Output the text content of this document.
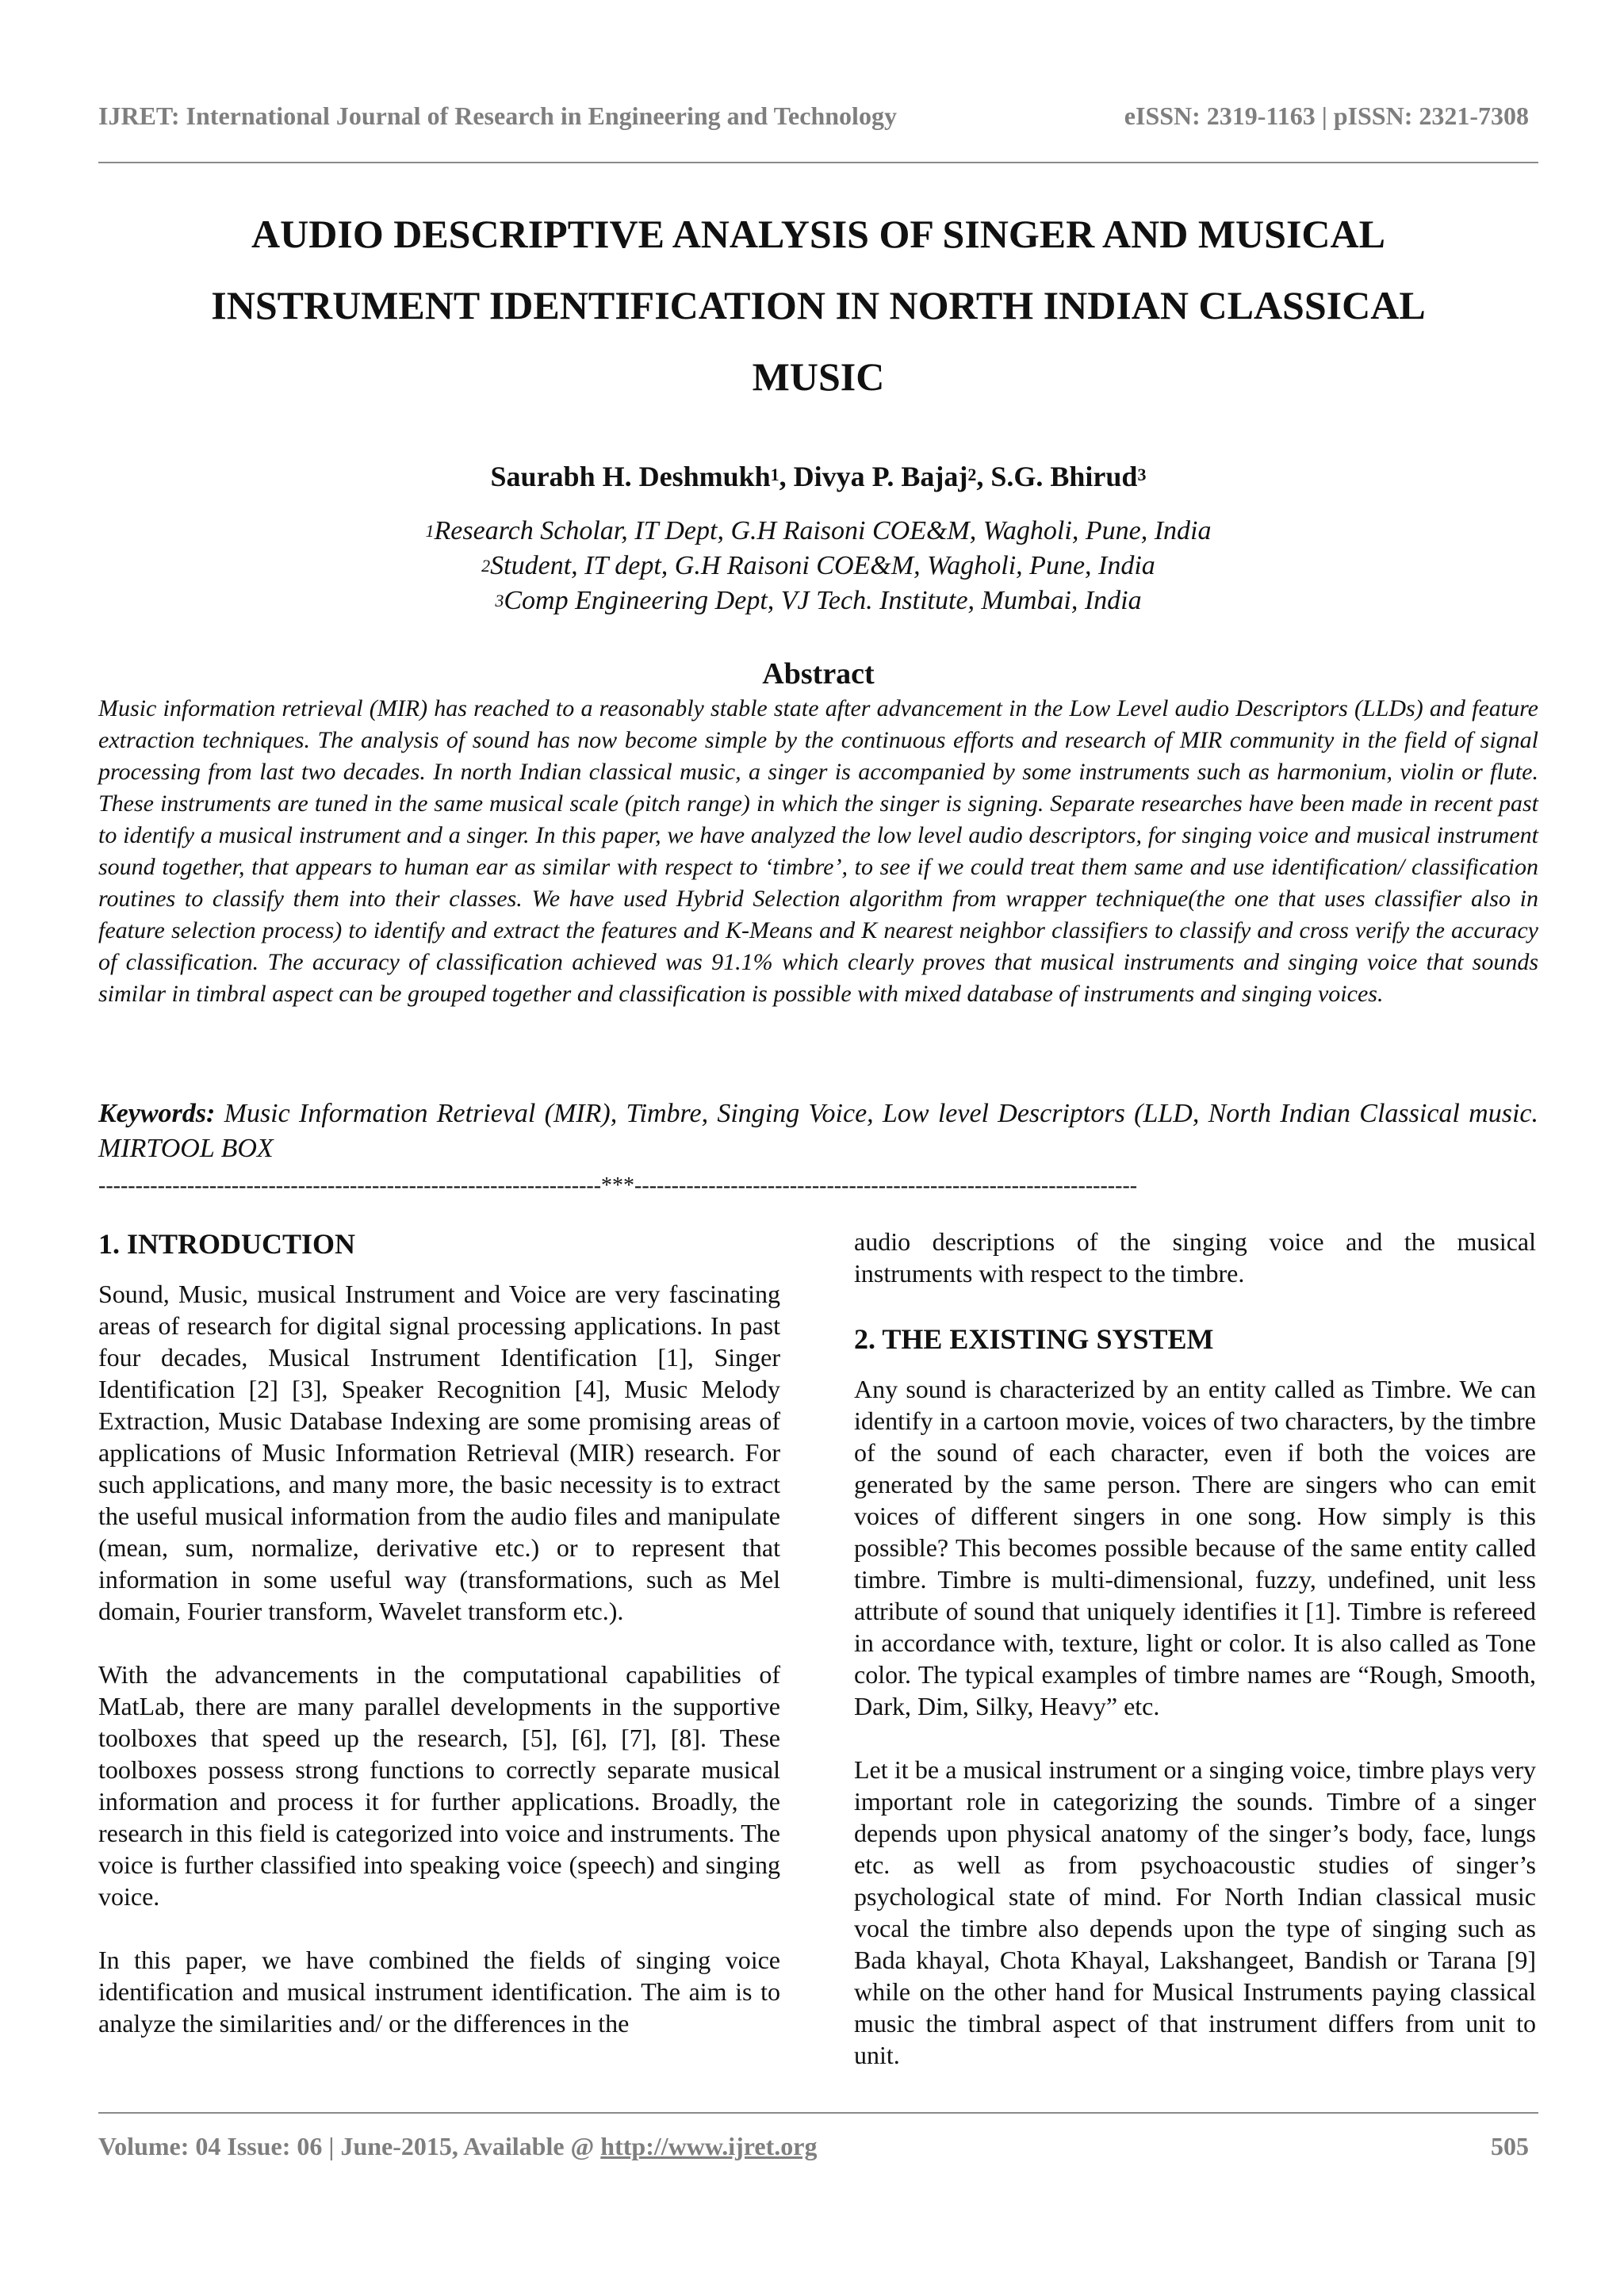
IJRET: International Journal of Research in Engineering and Technology	eISSN: 2319-1163 | pISSN: 2321-7308
AUDIO DESCRIPTIVE ANALYSIS OF SINGER AND MUSICAL
INSTRUMENT IDENTIFICATION IN NORTH INDIAN CLASSICAL
MUSIC
Saurabh H. Deshmukh$^1$, Divya P. Bajaj$^2$, S.G. Bhirud$^3$
$^1$Research Scholar, IT Dept, G.H Raisoni COE&M, Wagholi, Pune, India
$^2$Student, IT dept, G.H Raisoni COE&M, Wagholi, Pune, India
$^3$Comp Engineering Dept, VJ Tech. Institute, Mumbai, India
Abstract
Music information retrieval (MIR) has reached to a reasonably stable state after advancement in the Low Level audio Descriptors (LLDs) and feature extraction techniques. The analysis of sound has now become simple by the continuous efforts and research of MIR community in the field of signal processing from last two decades. In north Indian classical music, a singer is accompanied by some instruments such as harmonium, violin or flute. These instruments are tuned in the same musical scale (pitch range) in which the singer is signing. Separate researches have been made in recent past to identify a musical instrument and a singer. In this paper, we have analyzed the low level audio descriptors, for singing voice and musical instrument sound together, that appears to human ear as similar with respect to ‘timbre’, to see if we could treat them same and use identification/ classification routines to classify them into their classes. We have used Hybrid Selection algorithm from wrapper technique(the one that uses classifier also in feature selection process) to identify and extract the features and K-Means and K nearest neighbor classifiers to classify and cross verify the accuracy of classification. The accuracy of classification achieved was 91.1% which clearly proves that musical instruments and singing voice that sounds similar in timbral aspect can be grouped together and classification is possible with mixed database of instruments and singing voices.
Keywords: Music Information Retrieval (MIR), Timbre, Singing Voice, Low level Descriptors (LLD, North Indian Classical music. MIRTOOL BOX
--------------------------------------------------------------------***--------------------------------------------------------------------
1. INTRODUCTION

Sound, Music, musical Instrument and Voice are very fascinating areas of research for digital signal processing applications. In past four decades, Musical Instrument Identification [1], Singer Identification [2] [3], Speaker Recognition [4], Music Melody Extraction, Music Database Indexing are some promising areas of applications of Music Information Retrieval (MIR) research. For such applications, and many more, the basic necessity is to extract the useful musical information from the audio files and manipulate (mean, sum, normalize, derivative etc.) or to represent that information in some useful way (transformations, such as Mel domain, Fourier transform, Wavelet transform etc.).

With the advancements in the computational capabilities of MatLab, there are many parallel developments in the supportive toolboxes that speed up the research, [5], [6], [7], [8]. These toolboxes possess strong functions to correctly separate musical information and process it for further applications. Broadly, the research in this field is categorized into voice and instruments. The voice is further classified into speaking voice (speech) and singing voice.

In this paper, we have combined the fields of singing voice identification and musical instrument identification. The aim is to analyze the similarities and/ or the differences in the

audio descriptions of the singing voice and the musical instruments with respect to the timbre.

2. THE EXISTING SYSTEM

Any sound is characterized by an entity called as Timbre. We can identify in a cartoon movie, voices of two characters, by the timbre of the sound of each character, even if both the voices are generated by the same person. There are singers who can emit voices of different singers in one song. How simply is this possible? This becomes possible because of the same entity called timbre. Timbre is multi-dimensional, fuzzy, undefined, unit less attribute of sound that uniquely identifies it [1]. Timbre is refereed in accordance with, texture, light or color. It is also called as Tone color. The typical examples of timbre names are “Rough, Smooth, Dark, Dim, Silky, Heavy” etc.

Let it be a musical instrument or a singing voice, timbre plays very important role in categorizing the sounds. Timbre of a singer depends upon physical anatomy of the singer’s body, face, lungs etc. as well as from psychoacoustic studies of singer’s psychological state of mind. For North Indian classical music vocal the timbre also depends upon the type of singing such as Bada khayal, Chota Khayal, Lakshangeet, Bandish or Tarana [9] while on the other hand for Musical Instruments paying classical music the timbral aspect of that instrument differs from unit to unit.

Volume: 04 Issue: 06 | June-2015, Available @ http://www.ijret.org	505
